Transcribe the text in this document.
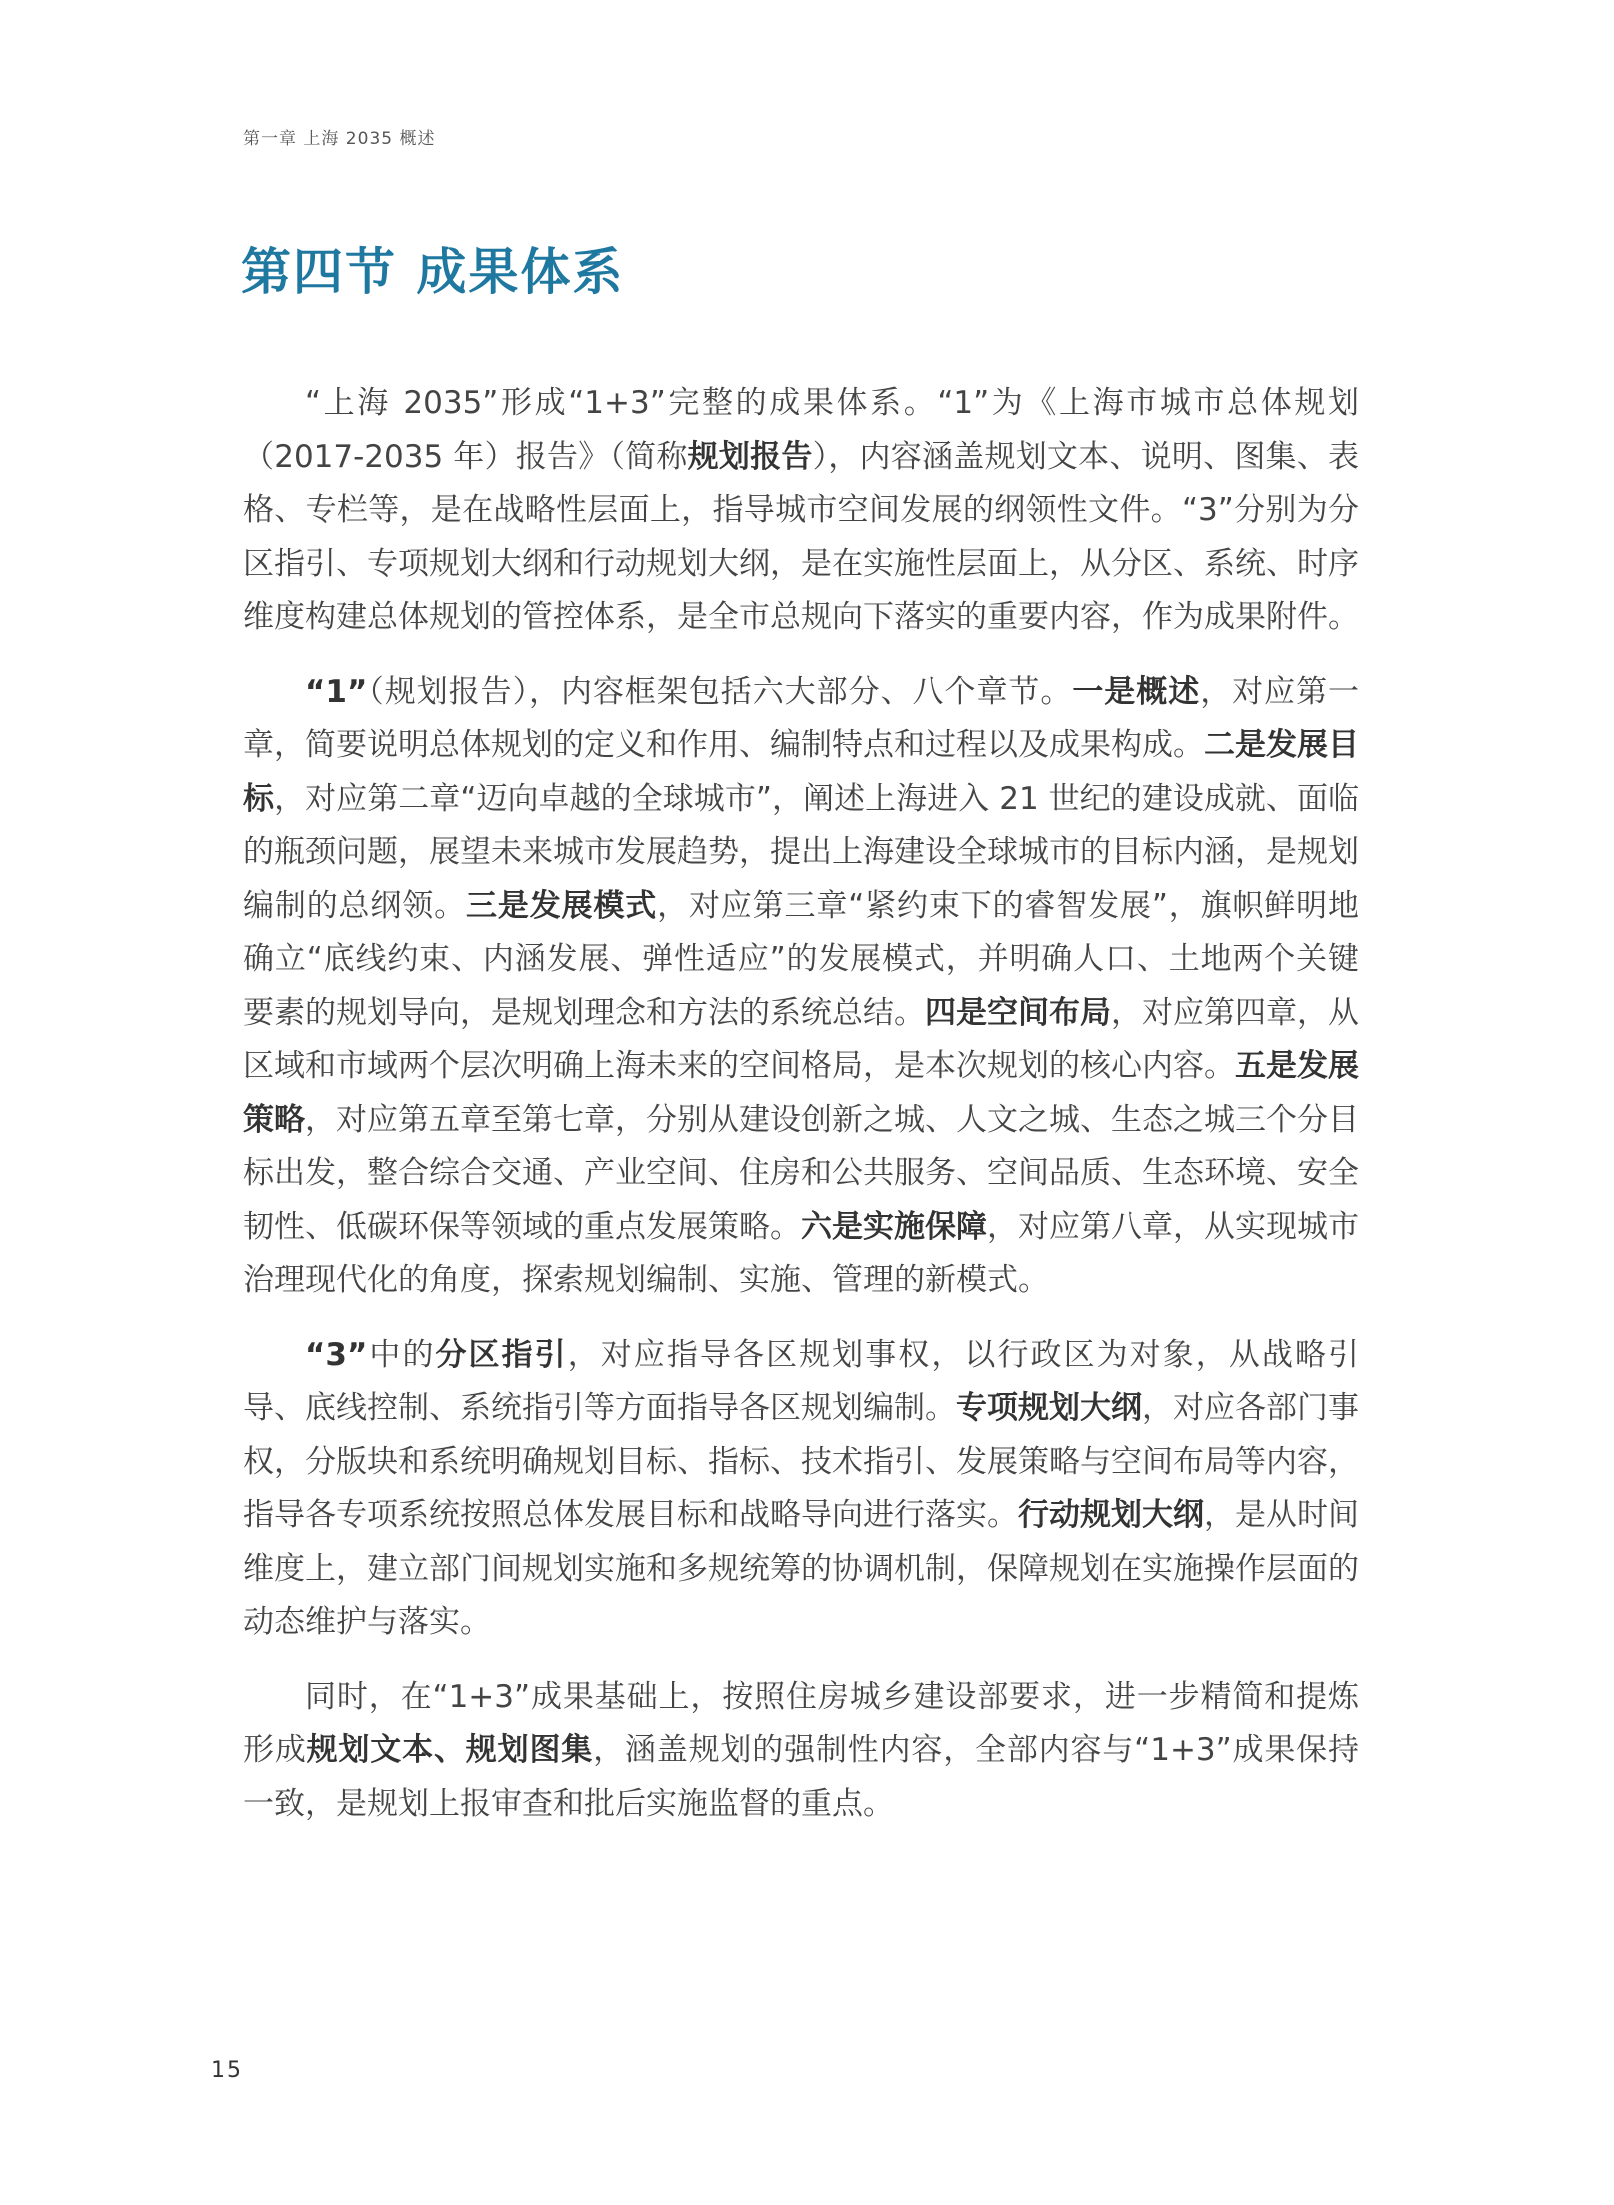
第一章 上海 2035 概述
第四节 成果体系

“上海 2035”形成“1+3”完整的成果体系。“1”为《上海市城市总体规划（2017-2035 年）报告》（简称规划报告），内容涵盖规划文本、说明、图集、表格、专栏等，是在战略性层面上，指导城市空间发展的纲领性文件。“3”分别为分区指引、专项规划大纲和行动规划大纲，是在实施性层面上，从分区、系统、时序维度构建总体规划的管控体系，是全市总规向下落实的重要内容，作为成果附件。

“1”（规划报告），内容框架包括六大部分、八个章节。一是概述，对应第一章，简要说明总体规划的定义和作用、编制特点和过程以及成果构成。二是发展目标，对应第二章“迈向卓越的全球城市”，阐述上海进入 21 世纪的建设成就、面临的瓶颈问题，展望未来城市发展趋势，提出上海建设全球城市的目标内涵，是规划编制的总纲领。三是发展模式，对应第三章“紧约束下的睿智发展”，旗帜鲜明地确立“底线约束、内涵发展、弹性适应”的发展模式，并明确人口、土地两个关键要素的规划导向，是规划理念和方法的系统总结。四是空间布局，对应第四章，从区域和市域两个层次明确上海未来的空间格局，是本次规划的核心内容。五是发展策略，对应第五章至第七章，分别从建设创新之城、人文之城、生态之城三个分目标出发，整合综合交通、产业空间、住房和公共服务、空间品质、生态环境、安全韧性、低碳环保等领域的重点发展策略。六是实施保障，对应第八章，从实现城市治理现代化的角度，探索规划编制、实施、管理的新模式。

“3”中的分区指引，对应指导各区规划事权，以行政区为对象，从战略引导、底线控制、系统指引等方面指导各区规划编制。专项规划大纲，对应各部门事权，分版块和系统明确规划目标、指标、技术指引、发展策略与空间布局等内容，指导各专项系统按照总体发展目标和战略导向进行落实。行动规划大纲，是从时间维度上，建立部门间规划实施和多规统筹的协调机制，保障规划在实施操作层面的动态维护与落实。

同时，在“1+3”成果基础上，按照住房城乡建设部要求，进一步精简和提炼形成规划文本、规划图集，涵盖规划的强制性内容，全部内容与“1+3”成果保持一致，是规划上报审查和批后实施监督的重点。

15
